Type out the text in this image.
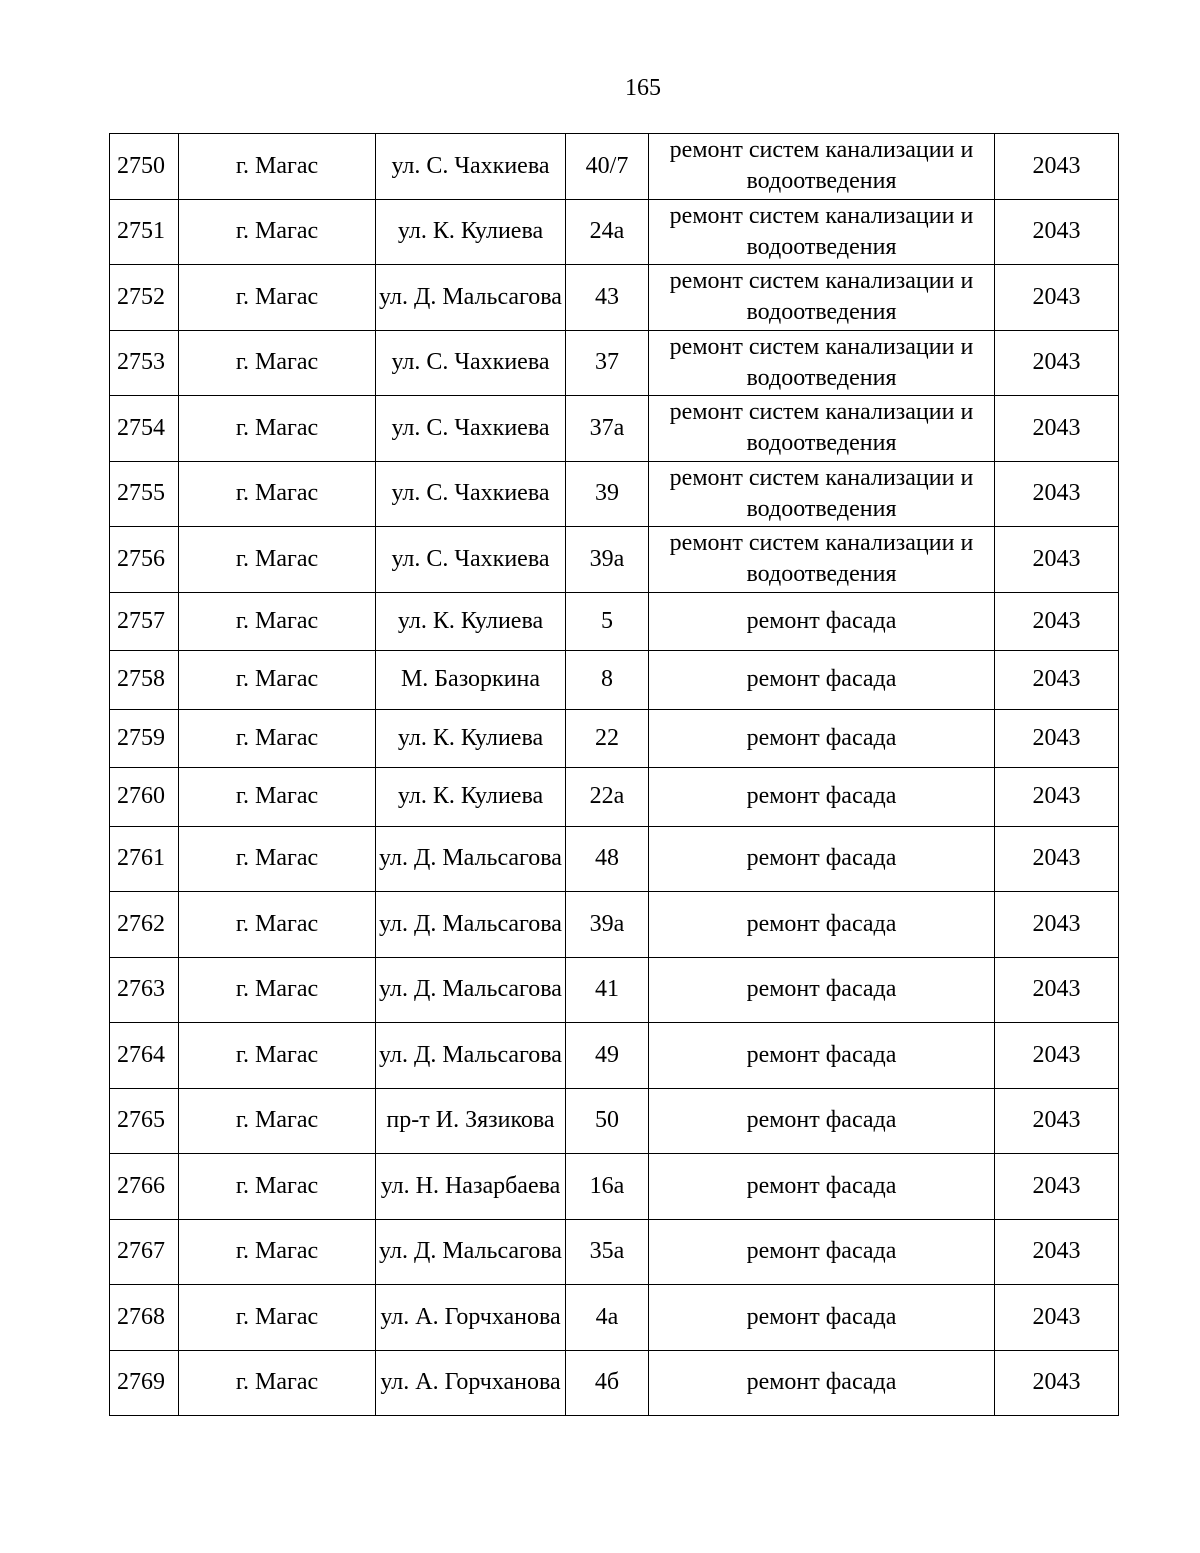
165
2750	г. Магас	ул. С. Чахкиева	40/7	ремонт систем канализации и водоотведения	2043
2751	г. Магас	ул. К. Кулиева	24а	ремонт систем канализации и водоотведения	2043
2752	г. Магас	ул. Д. Мальсагова	43	ремонт систем канализации и водоотведения	2043
2753	г. Магас	ул. С. Чахкиева	37	ремонт систем канализации и водоотведения	2043
2754	г. Магас	ул. С. Чахкиева	37а	ремонт систем канализации и водоотведения	2043
2755	г. Магас	ул. С. Чахкиева	39	ремонт систем канализации и водоотведения	2043
2756	г. Магас	ул. С. Чахкиева	39а	ремонт систем канализации и водоотведения	2043
2757	г. Магас	ул. К. Кулиева	5	ремонт фасада	2043
2758	г. Магас	М. Базоркина	8	ремонт фасада	2043
2759	г. Магас	ул. К. Кулиева	22	ремонт фасада	2043
2760	г. Магас	ул. К. Кулиева	22а	ремонт фасада	2043
2761	г. Магас	ул. Д. Мальсагова	48	ремонт фасада	2043
2762	г. Магас	ул. Д. Мальсагова	39а	ремонт фасада	2043
2763	г. Магас	ул. Д. Мальсагова	41	ремонт фасада	2043
2764	г. Магас	ул. Д. Мальсагова	49	ремонт фасада	2043
2765	г. Магас	пр-т И. Зязикова	50	ремонт фасада	2043
2766	г. Магас	ул. Н. Назарбаева	16а	ремонт фасада	2043
2767	г. Магас	ул. Д. Мальсагова	35а	ремонт фасада	2043
2768	г. Магас	ул. А. Горчханова	4а	ремонт фасада	2043
2769	г. Магас	ул. А. Горчханова	4б	ремонт фасада	2043
